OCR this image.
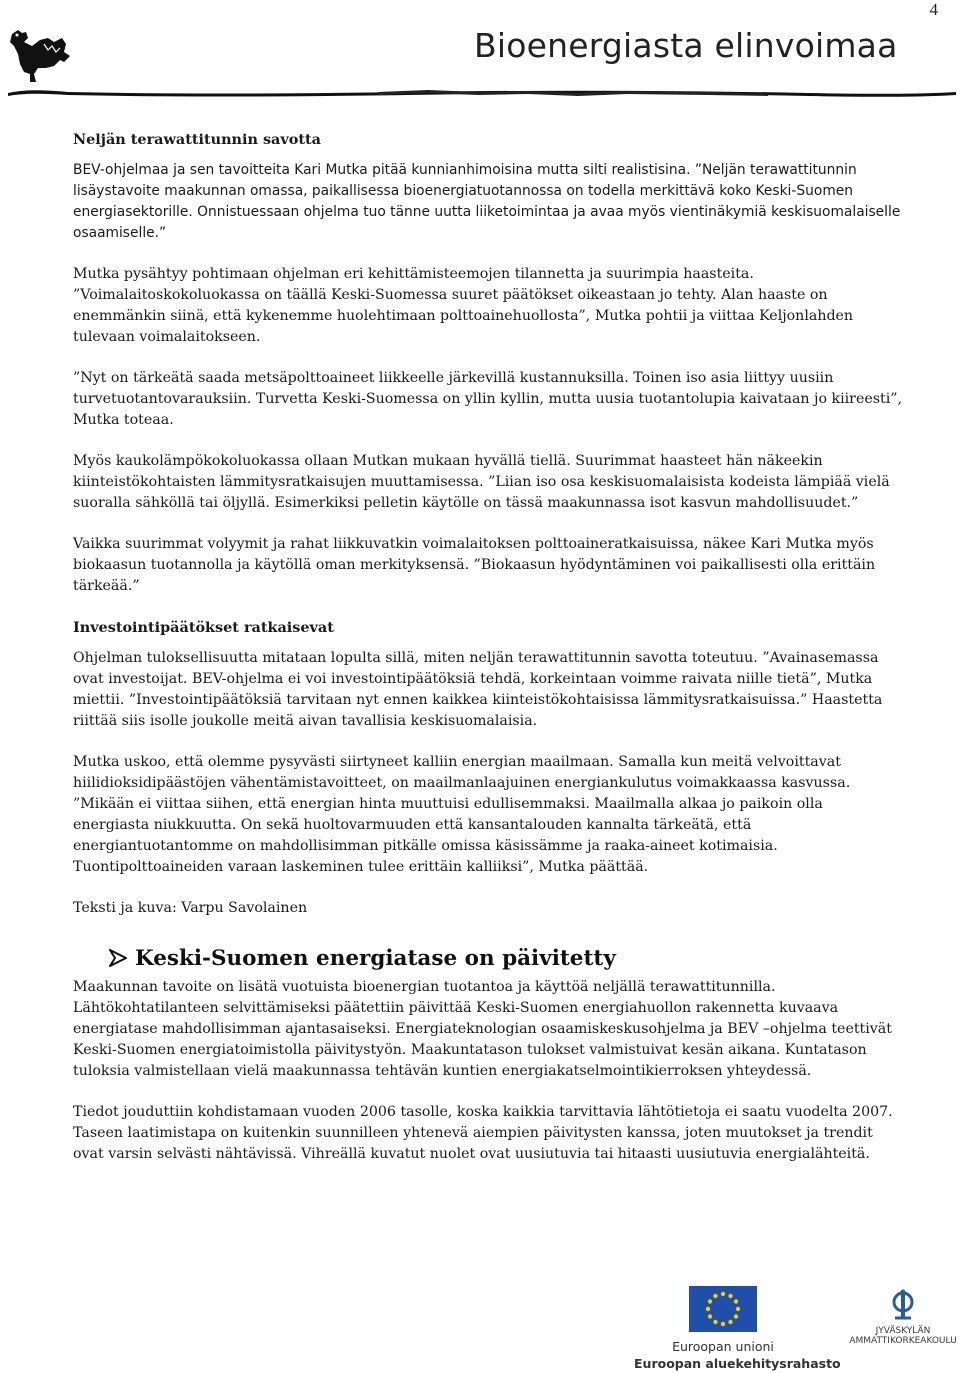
4
Bioenergiasta elinvoimaa
Neljän terawattitunnin savotta

BEV-ohjelmaa ja sen tavoitteita Kari Mutka pitää kunnianhimoisina mutta silti realistisina. ”Neljän terawattitunnin lisäystavoite maakunnan omassa, paikallisessa bioenergiatuotannossa on todella merkittävä koko Keski-Suomen energiasektorille. Onnistuessaan ohjelma tuo tänne uutta liiketoimintaa ja avaa myös vientinäkymiä keskisuomalaiselle osaamiselle.”

Mutka pysähtyy pohtimaan ohjelman eri kehittämisteemojen tilannetta ja suurimpia haasteita. ”Voimalaitoskokoluokassa on täällä Keski-Suomessa suuret päätökset oikeastaan jo tehty. Alan haaste on enemmänkin siinä, että kykenemme huolehtimaan polttoainehuollosta”, Mutka pohtii ja viittaa Keljonlahden tulevaan voimalaitokseen.

”Nyt on tärkeätä saada metsäpolttoaineet liikkeelle järkevillä kustannuksilla. Toinen iso asia liittyy uusiin turvetuotantovarauksiin. Turvetta Keski-Suomessa on yllin kyllin, mutta uusia tuotantolupia kaivataan jo kiireesti”, Mutka toteaa.

Myös kaukolämpökokoluokassa ollaan Mutkan mukaan hyvällä tiellä. Suurimmat haasteet hän näkeekin kiinteistökohtaisten lämmitysratkaisujen muuttamisessa. ”Liian iso osa keskisuomalaisista kodeista lämpiää vielä suoralla sähköllä tai öljyllä. Esimerkiksi pelletin käytölle on tässä maakunnassa isot kasvun mahdollisuudet.”

Vaikka suurimmat volyymit ja rahat liikkuvatkin voimalaitoksen polttoaineratkaisuissa, näkee Kari Mutka myös biokaasun tuotannolla ja käytöllä oman merkityksensä. ”Biokaasun hyödyntäminen voi paikallisesti olla erittäin tärkeää.”

Investointipäätökset ratkaisevat

Ohjelman tuloksellisuutta mitataan lopulta sillä, miten neljän terawattitunnin savotta toteutuu. ”Avainasemassa ovat investoijat. BEV-ohjelma ei voi investointipäätöksiä tehdä, korkeintaan voimme raivata niille tietä”, Mutka miettii. ”Investointipäätöksiä tarvitaan nyt ennen kaikkea kiinteistökohtaisissa lämmitysratkaisuissa.” Haastetta riittää siis isolle joukolle meitä aivan tavallisia keskisuomalaisia.

Mutka uskoo, että olemme pysyvästi siirtyneet kalliin energian maailmaan. Samalla kun meitä velvoittavat hiilidioksidipäästöjen vähentämistavoitteet, on maailmanlaajuinen energiankulutus voimakkaassa kasvussa. ”Mikään ei viittaa siihen, että energian hinta muuttuisi edullisemmaksi. Maailmalla alkaa jo paikoin olla energiasta niukkuutta. On sekä huoltovarmuuden että kansantalouden kannalta tärkeätä, että energiantuotantomme on mahdollisimman pitkälle omissa käsissämme ja raaka-aineet kotimaisia. Tuontipolttoaineiden varaan laskeminen tulee erittäin kalliiksi”, Mutka päättää.

Teksti ja kuva: Varpu Savolainen

Keski-Suomen energiatase on päivitetty

Maakunnan tavoite on lisätä vuotuista bioenergian tuotantoa ja käyttöä neljällä terawattitunnilla. Lähtökohtatilanteen selvittämiseksi päätettiin päivittää Keski-Suomen energiahuollon rakennetta kuvaava energiatase mahdollisimman ajantasaiseksi. Energiateknologian osaamiskeskusohjelma ja BEV –ohjelma teettivät Keski-Suomen energiatoimistolla päivitystyön. Maakuntatason tulokset valmistuivat kesän aikana. Kuntatason tuloksia valmistellaan vielä maakunnassa tehtävän kuntien energiakatselmointikierroksen yhteydessä.

Tiedot jouduttiin kohdistamaan vuoden 2006 tasolle, koska kaikkia tarvittavia lähtötietoja ei saatu vuodelta 2007. Taseen laatimistapa on kuitenkin suunnilleen yhtenevä aiempien päivitysten kanssa, joten muutokset ja trendit ovat varsin selvästi nähtävissä. Vihreällä kuvatut nuolet ovat uusiutuvia tai hitaasti uusiutuvia energialähteitä.

Euroopan unioni
Euroopan aluekehitysrahasto
JYVÄSKYLÄN
AMMATTIKORKEAKOULU
